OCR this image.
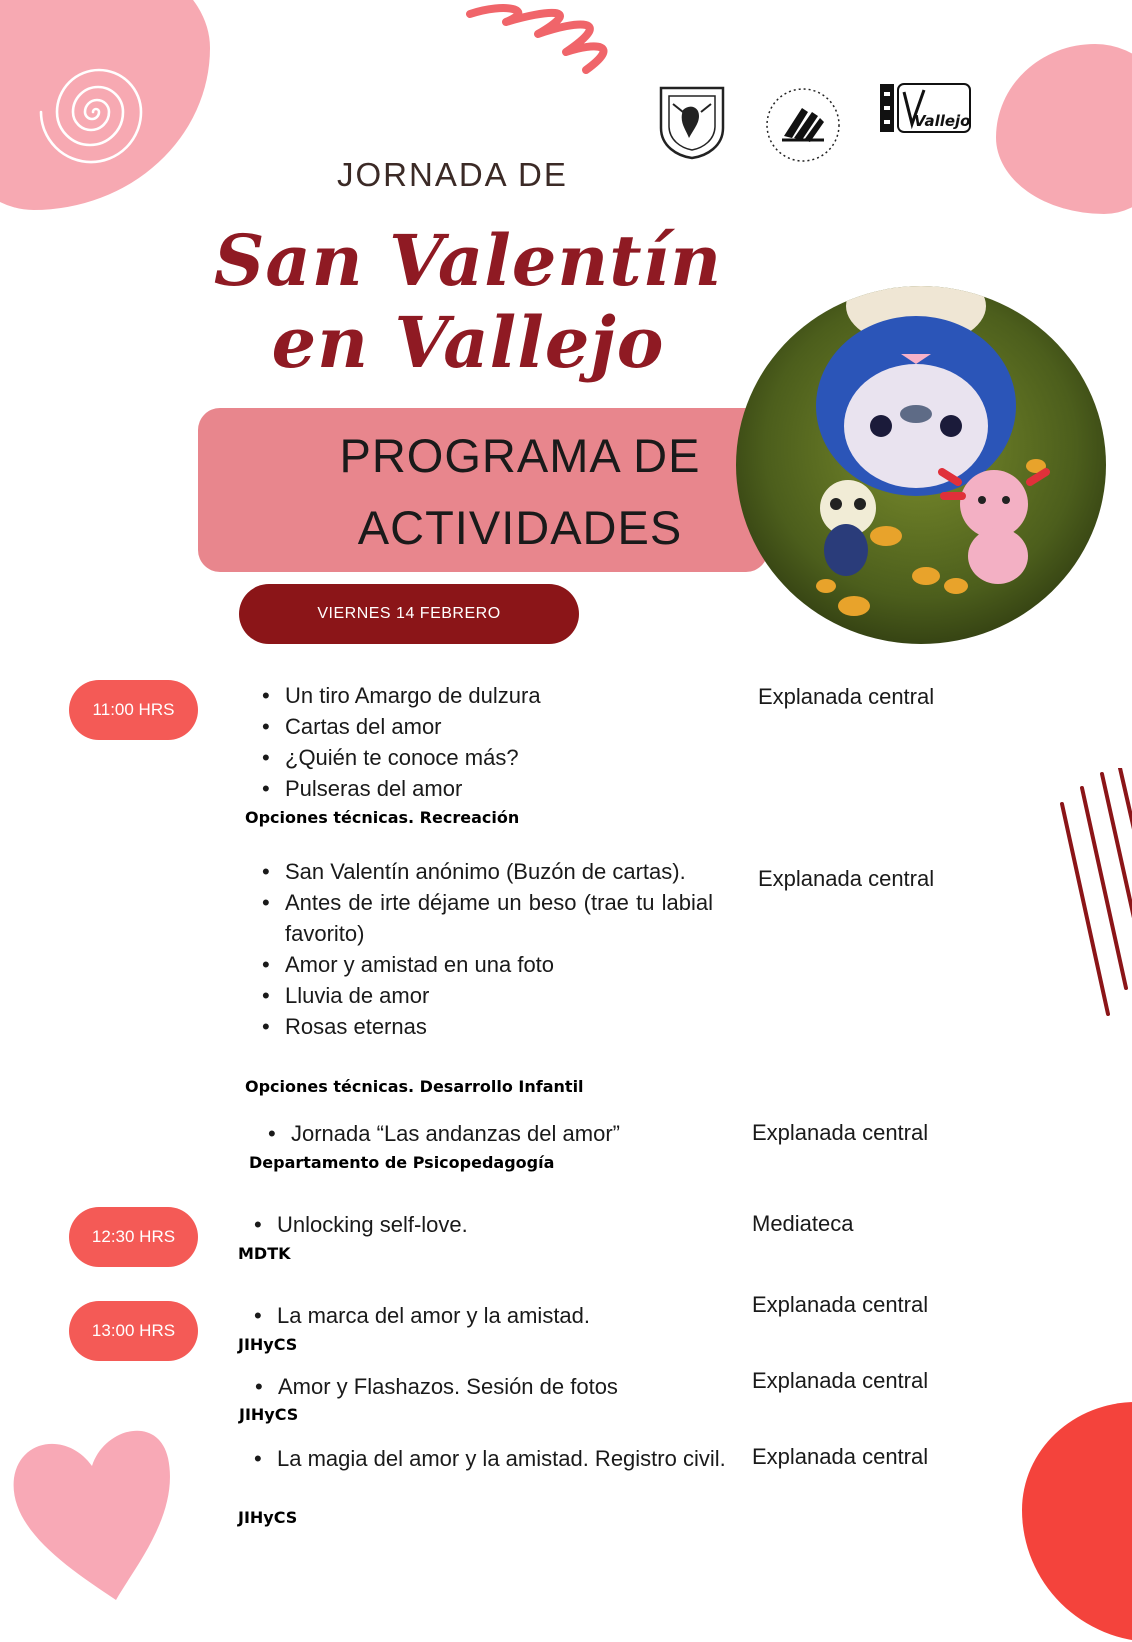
Vallejo
JORNADA DE
San Valentín
en Vallejo
PROGRAMA DE
ACTIVIDADES
VIERNES 14 FEBRERO
11:00 HRS
• Un tiro Amargo de dulzura
• Cartas del amor
• ¿Quién te conoce más?
• Pulseras del amor
Explanada central
Opciones técnicas. Recreación
• San Valentín anónimo (Buzón de cartas).
• Antes de irte déjame un beso (trae tu labial favorito)
• Amor y amistad en una foto
• Lluvia de amor
• Rosas eternas
Explanada central
Opciones técnicas. Desarrollo Infantil
• Jornada “Las andanzas del amor”	Explanada central
Departamento de Psicopedagogía
12:30 HRS
•	Unlocking self-love.	Mediateca
MDTK
13:00 HRS
• La marca del amor y la amistad.	Explanada central
JIHyCS
• Amor y Flashazos. Sesión de fotos	Explanada central
JIHyCS
• La magia del amor y la amistad. Registro civil.	Explanada central
JIHyCS
